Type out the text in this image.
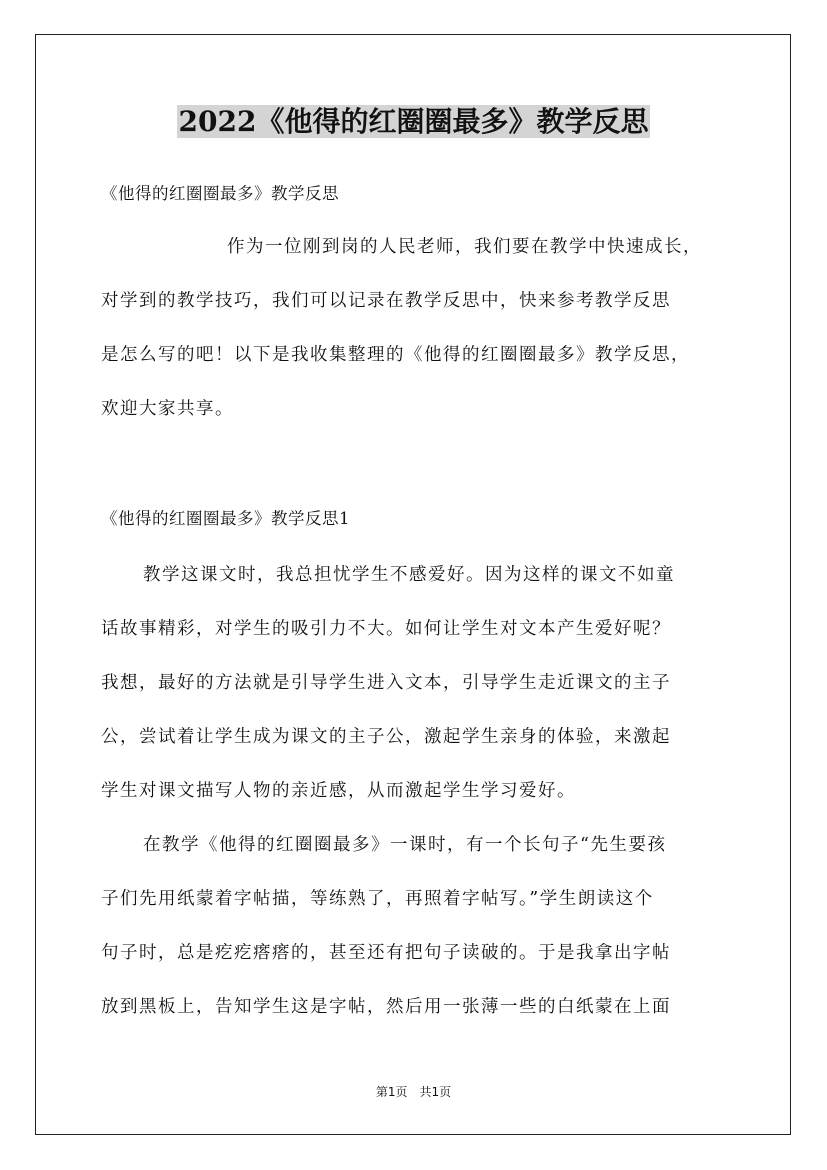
2022《他得的红圈圈最多》教学反思
《他得的红圈圈最多》教学反思
作为一位刚到岗的人民老师，我们要在教学中快速成长，
对学到的教学技巧，我们可以记录在教学反思中，快来参考教学反思
是怎么写的吧！以下是我收集整理的《他得的红圈圈最多》教学反思，
欢迎大家共享。
《他得的红圈圈最多》教学反思1
教学这课文时，我总担忧学生不感爱好。因为这样的课文不如童
话故事精彩，对学生的吸引力不大。如何让学生对文本产生爱好呢？
我想，最好的方法就是引导学生进入文本，引导学生走近课文的主子
公，尝试着让学生成为课文的主子公，激起学生亲身的体验，来激起
学生对课文描写人物的亲近感，从而激起学生学习爱好。
在教学《他得的红圈圈最多》一课时，有一个长句子“先生要孩
子们先用纸蒙着字帖描，等练熟了，再照着字帖写。”学生朗读这个
句子时，总是疙疙瘩瘩的，甚至还有把句子读破的。于是我拿出字帖
放到黑板上，告知学生这是字帖，然后用一张薄一些的白纸蒙在上面
第1页　共1页
